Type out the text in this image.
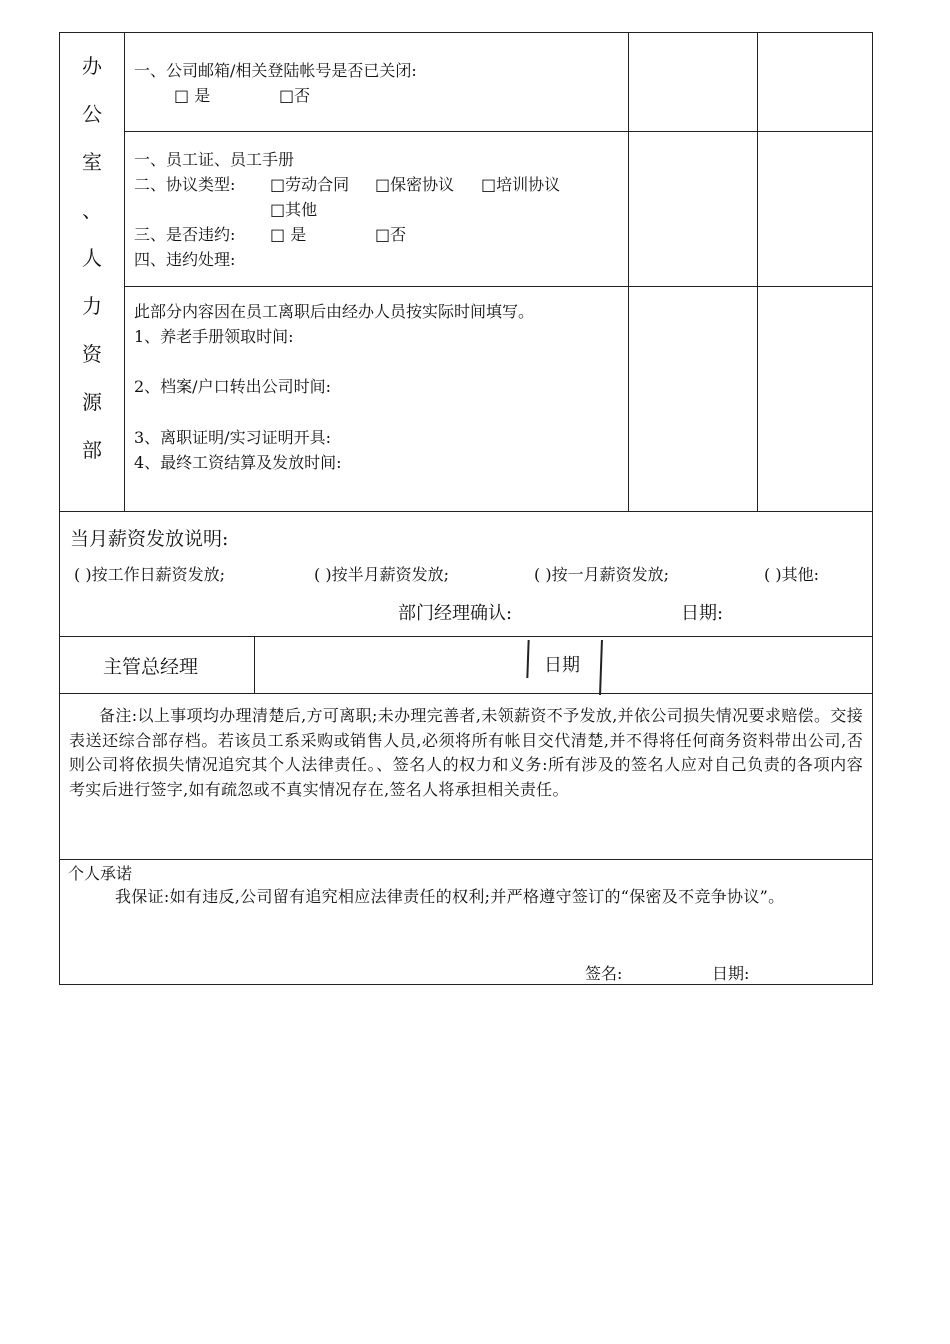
办
公
室
、
人
力
资
源
部
一、公司邮箱/相关登陆帐号是否已关闭:
□ 是	□否
一、员工证、员工手册
二、协议类型: □劳动合同 □保密协议 □培训协议
□其他
三、是否违约: □ 是	□否
四、违约处理:
此部分内容因在员工离职后由经办人员按实际时间填写。
1、养老手册领取时间:
2、档案/户口转出公司时间:
3、离职证明/实习证明开具:
4、最终工资结算及发放时间:
当月薪资发放说明:
( )按工作日薪资发放;	( )按半月薪资发放;	( )按一月薪资发放;	( )其他:
部门经理确认:	日期:
主管总经理	日期
备注:以上事项均办理清楚后,方可离职;未办理完善者,未领薪资不予发放,并依公司损失情况要求赔偿。交接表送还综合部存档。若该员工系采购或销售人员,必须将所有帐目交代清楚,并不得将任何商务资料带出公司,否则公司将依损失情况追究其个人法律责任。、签名人的权力和义务:所有涉及的签名人应对自己负责的各项内容考实后进行签字,如有疏忽或不真实情况存在,签名人将承担相关责任。
个人承诺
我保证:如有违反,公司留有追究相应法律责任的权利;并严格遵守签订的“保密及不竞争协议”。
签名:	日期:
